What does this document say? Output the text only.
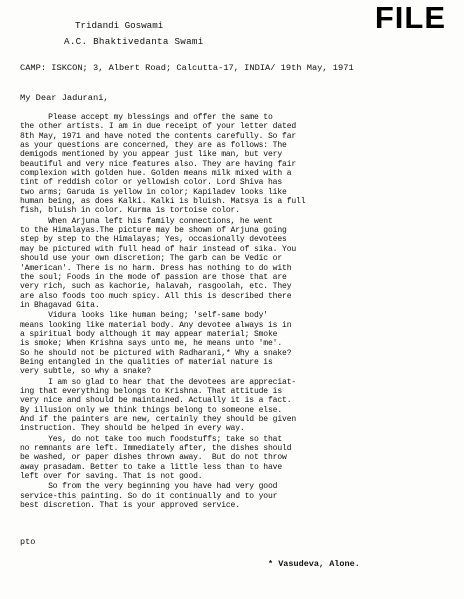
FILE
Tridandi Goswami
A.C. Bhaktivedanta Swami
CAMP: ISKCON; 3, Albert Road; Calcutta-17, INDIA/ 19th May, 1971
My Dear Jadurani,

Please accept my blessings and offer the same to
the other artists. I am in due receipt of your letter dated
8th May, 1971 and have noted the contents carefully. So far
as your questions are concerned, they are as follows: The
demigods mentioned by you appear just like man, but very
beautiful and very nice features also. They are having fair
complexion with golden hue. Golden means milk mixed with a
tint of reddish color or yellowish color. Lord Shiva has
two arms; Garuda is yellow in color; Kapiladev looks like
human being, as does Kalki. Kalki is bluish. Matsya is a full
fish, bluish in color. Kurma is tortoise color.

When Arjuna left his family connections, he went
to the Himalayas.The picture may be shown of Arjuna going
step by step to the Himalayas; Yes, occasionally devotees
may be pictured with full head of hair instead of sika. You
should use your own discretion; The garb can be Vedic or
'American'. There is no harm. Dress has nothing to do with
the soul; Foods in the mode of passion are those that are
very rich, such as kachorie, halavah, rasgoolah, etc. They
are also foods too much spicy. All this is described there
in Bhagavad Gita.

Vidura looks like human being; 'self-same body'
means looking like material body. Any devotee always is in
a spiritual body although it may appear material; Smoke
is smoke; When Krishna says unto me, he means unto 'me'.
So he should not be pictured with Radharani,* Why a snake?
Being entangled in the qualities of material nature is
very subtle, so why a snake?

I am so glad to hear that the devotees are appreciat-
ing that everything belongs to Krishna. That attitude is
very nice and should be maintained. Actually it is a fact.
By illusion only we think things belong to someone else.
And if the painters are new, certainly they should be given
instruction. They should be helped in every way.

Yes, do not take too much foodstuffs; take so that
no remnants are left. Immediately after, the dishes should
be washed, or paper dishes thrown away.  But do not throw
away prasadam. Better to take a little less than to have
left over for saving. That is not good.

So from the very beginning you have had very good
service-this painting. So do it continually and to your
best discretion. That is your approved service.

pto
* Vasudeva, Alone.
